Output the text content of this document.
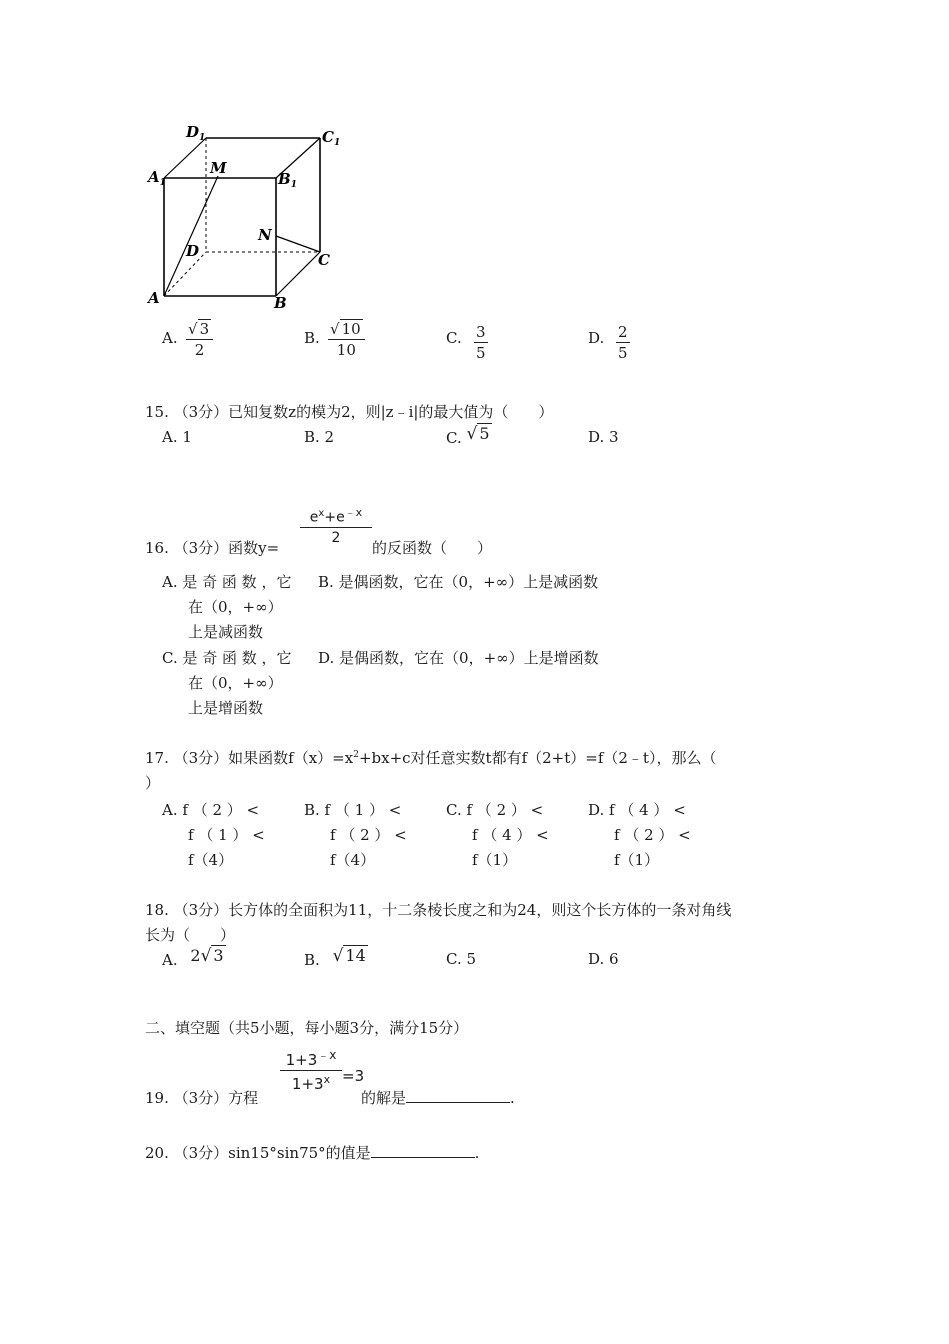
$D_1$	$C_1$
$A_1$	$B_1$
M
N
D	C
A	B
A. √ 3
2
B. √ 10
10
C. 3
5
D. 2
5
15. （3分）已知复数z的模为2，则|z﹣i|的最大值为（　　）
A. 1	B. 2	C. √ 5	D. 3
16. （3分）函数y=
$e^x+e^{﹣x}$
2
的反函数（　　）
A. 是 奇 函 数 ，它 B. 是偶函数，它在（0，+∞）上是减函数
在（0，+∞）
上是减函数
C. 是 奇 函 数 ，它 D. 是偶函数，它在（0，+∞）上是增函数
在（0，+∞）
上是增函数
17. （3分）如果函数$f(x)=x^2+bx+c$对任意实数t都有f（2+t）=f（2﹣t），那么（
）
A. f （ 2 ） <	B. f （ 1 ） <	C. f （ 2 ） <	D. f （ 4 ） <
f （ 1 ） <	f （ 2 ） <	f （ 4 ） <	f （ 2 ） <
f（4）	f（4）	f（1）	f（1）
18. （3分）长方体的全面积为11，十二条棱长度之和为24，则这个长方体的一条对角线
长为（　　）
A. 2√ 3	B. √ 14	C. 5	D. 6
二、填空题（共5小题，每小题3分，满分15分）
19. （3分）方程
$1+3^{﹣x}$
$1+3^x =3$
的解是	.
20. （3分）sin15°sin75°的值是	.
